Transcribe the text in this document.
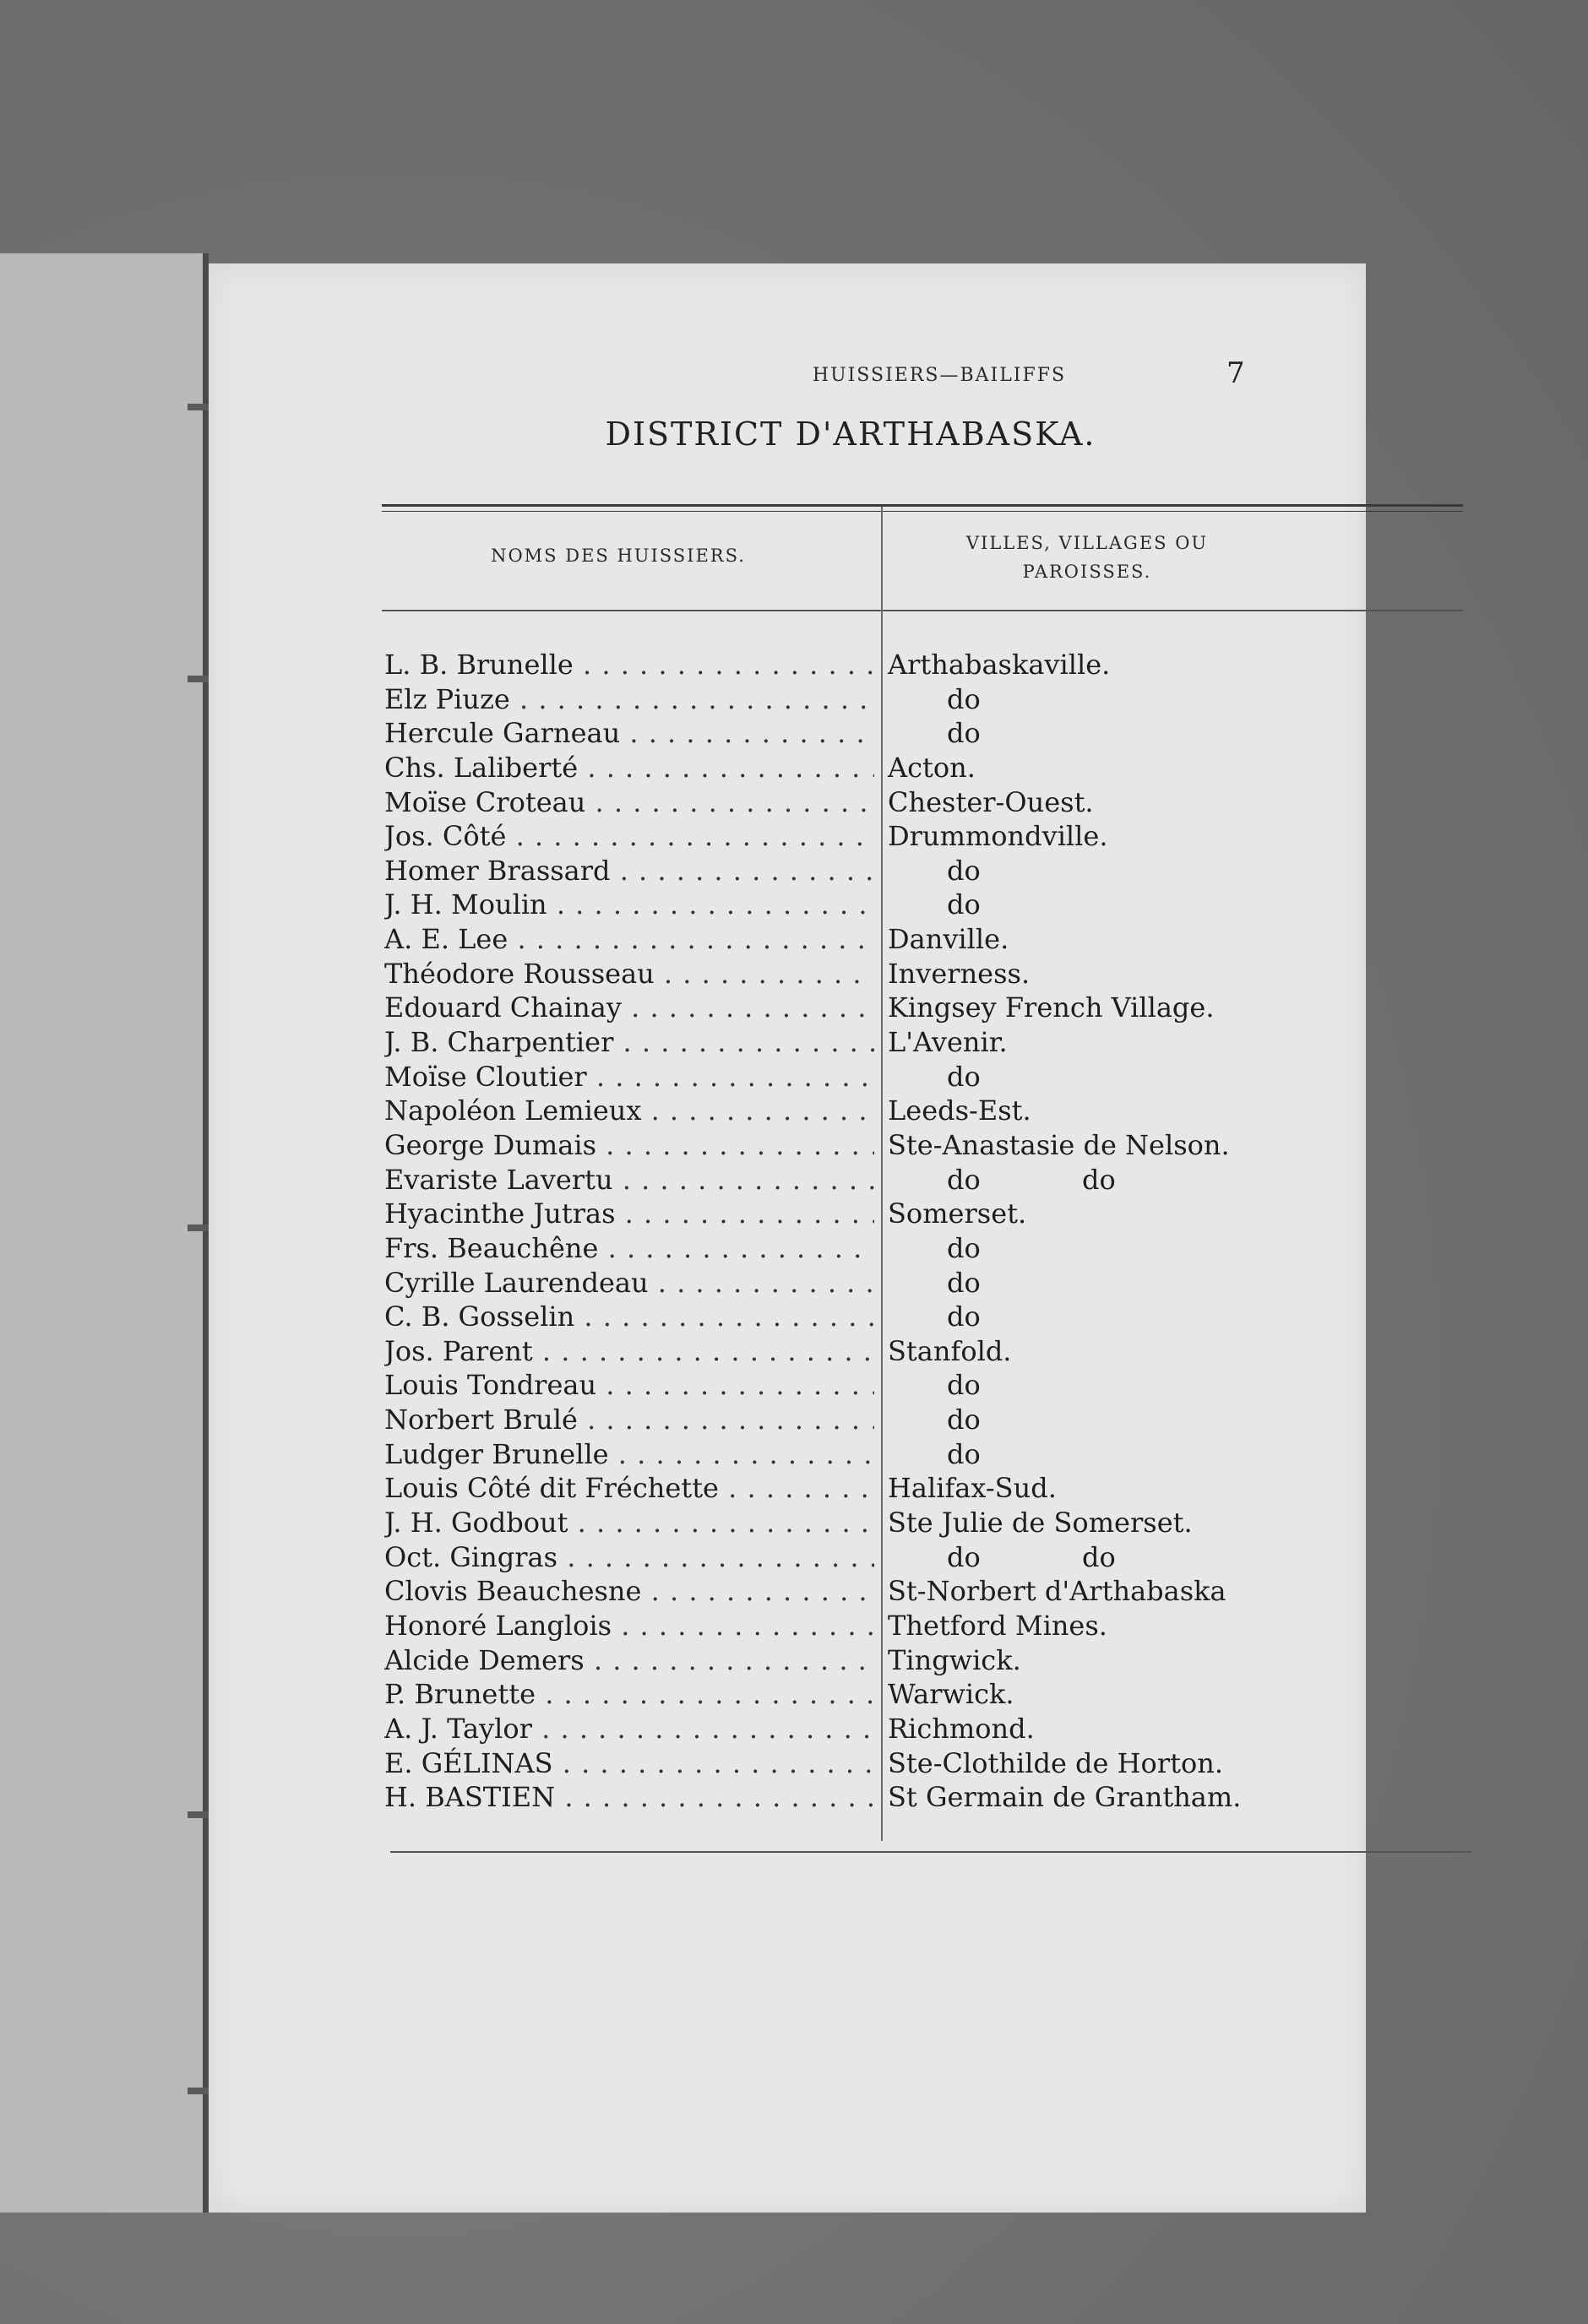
HUISSIERS—BAILIFFS	7
DISTRICT D'ARTHABASKA.
NOMS DES HUISSIERS.
VILLES, VILLAGES OU
PAROISSES.
L. B. Brunelle . . .	Arthabaskaville.
Elz Piuze . . .	do
Hercule Garneau . . .	do
Chs. Laliberté . . .	Acton.
Moïse Croteau . . .	Chester-Ouest.
Jos. Côté . . .	Drummondville.
Homer Brassard . . .	do
J. H. Moulin . . .	do
A. E. Lee . . .	Danville.
Théodore Rousseau . . .	Inverness.
Edouard Chainay . . .	Kingsey French Village.
J. B. Charpentier . . .	L'Avenir.
Moïse Cloutier . . .	do
Napoléon Lemieux . . .	Leeds-Est.
George Dumais . . .	Ste-Anastasie de Nelson.
Evariste Lavertu . . .	do	do
Hyacinthe Jutras . . .	Somerset.
Frs. Beauchêne . . .	do
Cyrille Laurendeau . . .	do
C. B. Gosselin . . .	do
Jos. Parent . . .	Stanfold.
Louis Tondreau . . .	do
Norbert Brulé . . .	do
Ludger Brunelle . . .	do
Louis Côté dit Fréchette . . .	Halifax-Sud.
J. H. Godbout . . .	Ste Julie de Somerset.
Oct. Gingras . . .	do	do
Clovis Beauchesne . . .	St-Norbert d'Arthabaska
Honoré Langlois . . .	Thetford Mines.
Alcide Demers . . .	Tingwick.
P. Brunette . . .	Warwick.
A. J. Taylor . . .	Richmond.
E. GÉLINAS . . .	Ste-Clothilde de Horton.
H. BASTIEN . . .	St Germain de Grantham.
